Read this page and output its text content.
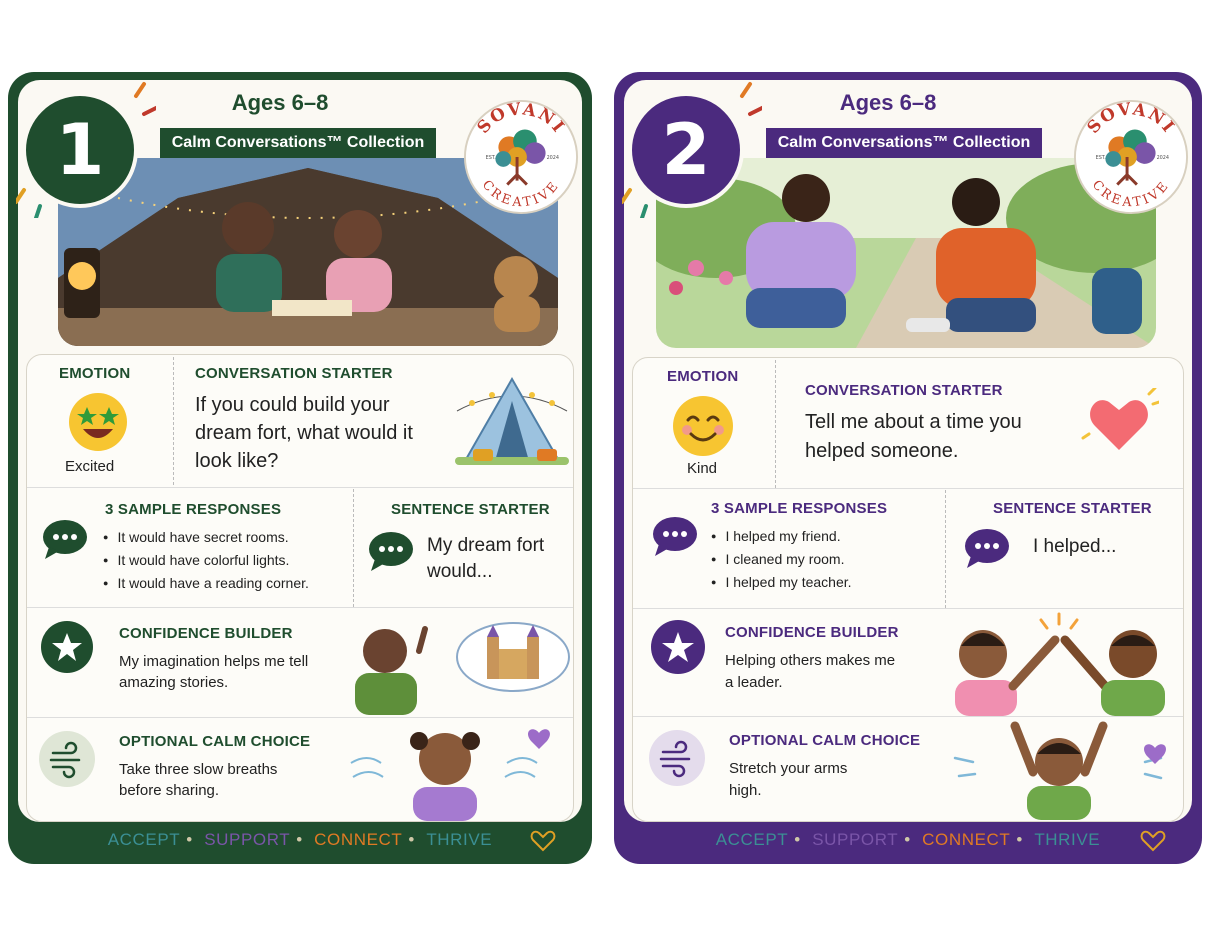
1
Ages 6–8
Calm Conversations™ Collection
SOVANI
CREATIVE
EST.	2024
EMOTION
Excited
CONVERSATION STARTER
If you could build your dream fort, what would it look like?
3 SAMPLE RESPONSES
● It would have secret rooms.
● It would have colorful lights.
● It would have a reading corner.
SENTENCE STARTER
My dream fort would...
CONFIDENCE BUILDER
My imagination helps me tell amazing stories.
OPTIONAL CALM CHOICE
Take three slow breaths before sharing.
ACCEPT • SUPPORT • CONNECT • THRIVE
2
Ages 6–8
Calm Conversations™ Collection
SOVANI
CREATIVE
EST.	2024
EMOTION
Kind
CONVERSATION STARTER
Tell me about a time you helped someone.
3 SAMPLE RESPONSES
● I helped my friend.
● I cleaned my room.
● I helped my teacher.
SENTENCE STARTER
I helped...
CONFIDENCE BUILDER
Helping others makes me a leader.
OPTIONAL CALM CHOICE
Stretch your arms high.
ACCEPT • SUPPORT • CONNECT • THRIVE
